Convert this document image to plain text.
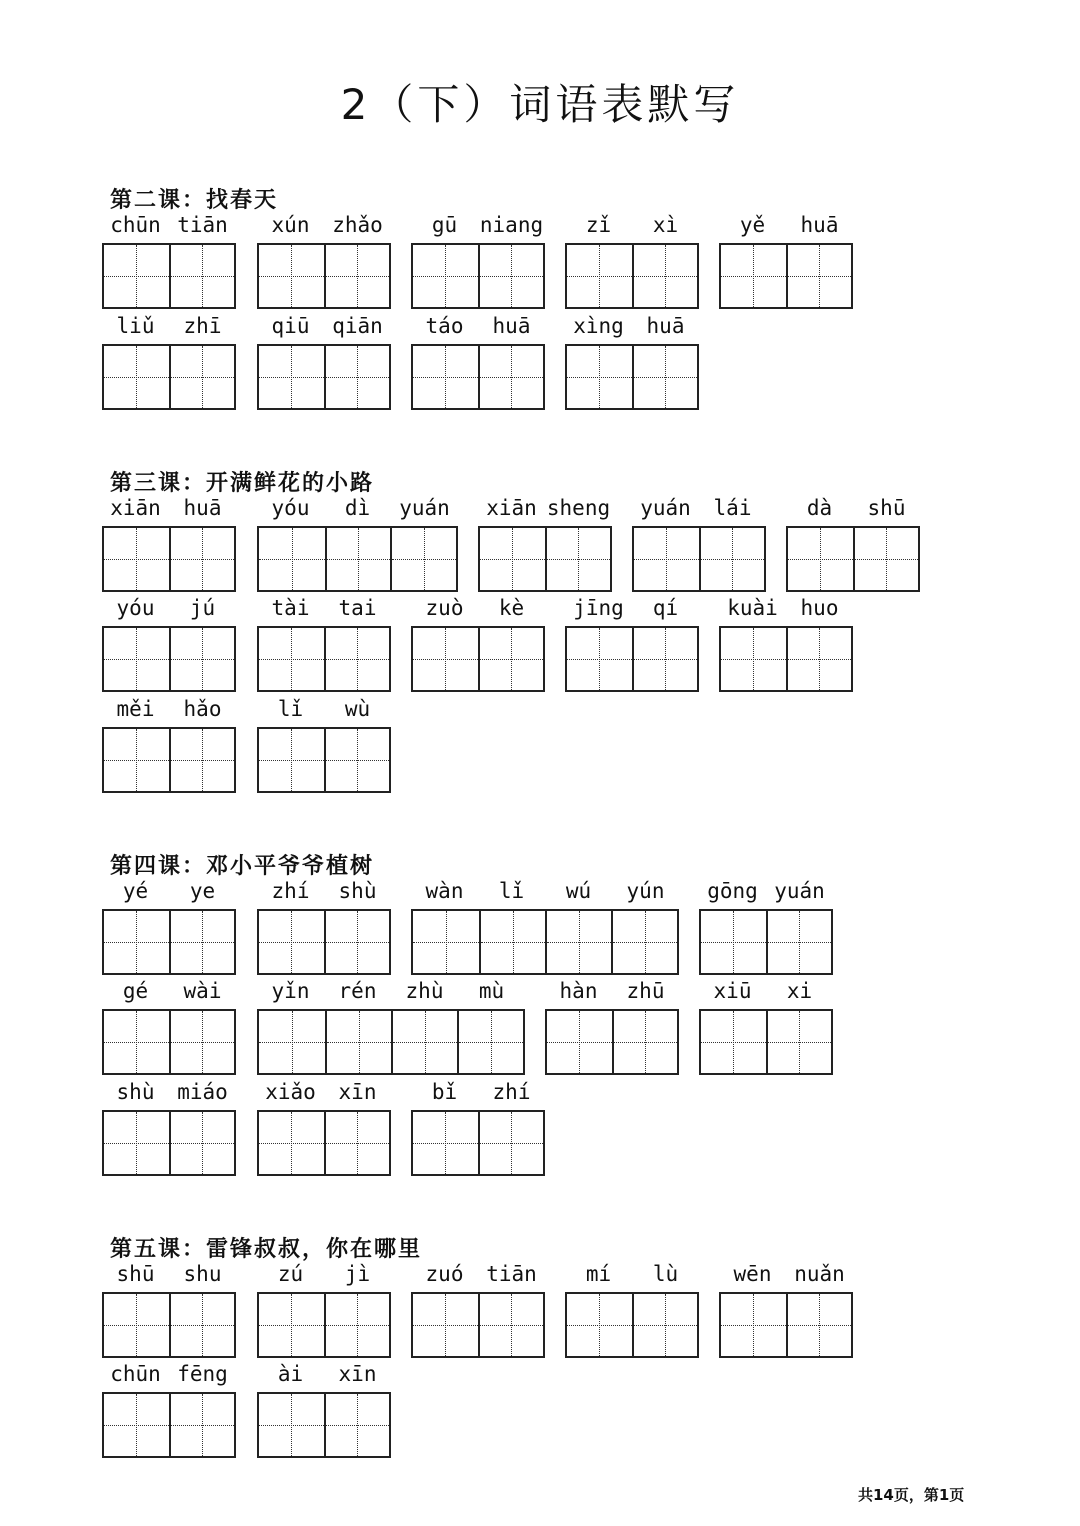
2（下）词语表默写
第二课：找春天
chūn tiān	xún	zhǎo	gū	niang	zǐ	xì	yě	huā
liǔ	zhī	qiū	qiān	táo	huā	xìng	huā
第三课：开满鲜花的小路
xiān	huā	yóu	dì	yuán	xiān sheng	yuán	lái	dà	shū
yóu	jú	tài	tai	zuò	kè	jīng	qí	kuài	huo
měi	hǎo	lǐ	wù
第四课：邓小平爷爷植树
yé	ye	zhí	shù	wàn	lǐ	wú	yún	gōng yuán
gé	wài	yǐn	rén	zhù	mù	hàn	zhū	xiū	xi
shù	miáo	xiǎo	xīn	bǐ	zhí
第五课：雷锋叔叔，你在哪里
shū	shu	zú	jì	zuó	tiān	mí	lù	wēn	nuǎn
chūn fēng	ài	xīn
共14页，第1页
